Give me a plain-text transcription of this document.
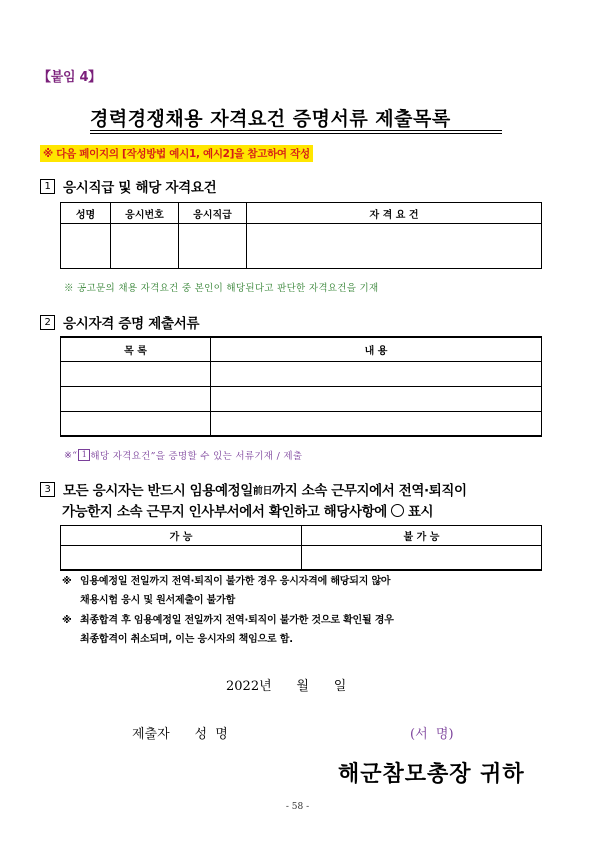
【붙임 4】
경력경쟁채용 자격요건 증명서류 제출목록
※ 다음 페이지의 [작성방법 예시1, 예시2]을 참고하여 작성
1 응시직급 및 해당 자격요건
성명	응시번호	응시직급	자 격 요 건

※ 공고문의 채용 자격요건 중 본인이 해당된다고 판단한 자격요건을 기재
2 응시자격 증명 제출서류
목 록	내 용

※“ 1 해당 자격요건”을 증명할 수 있는 서류기재 / 제출
3 모든 응시자는 반드시 임용예정일 前日 까지 소속 근무지에서 전역·퇴직이
가능한지 소속 근무지 인사부서에서 확인하고 해당사항에 ○ 표시
가 능	불 가 능

※ 임용예정일 전일까지 전역·퇴직이 불가한 경우 응시자격에 해당되지 않아
채용시험 응시 및 원서제출이 불가함
※ 최종합격 후 임용예정일 전일까지 전역·퇴직이 불가한 것으로 확인될 경우
최종합격이 취소되며, 이는 응시자의 책임으로 함.
2022년      월      일
제출자      성  명	(서  명)
해군참모총장 귀하
- 58 -
